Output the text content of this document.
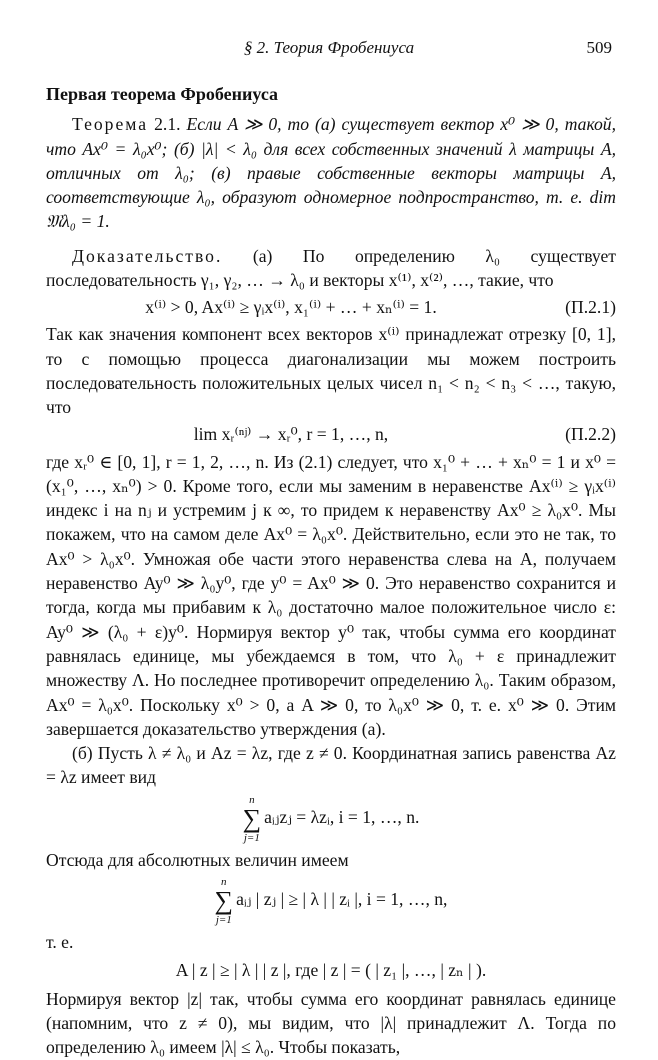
§ 2. Теория Фробениуса	509

Первая теорема Фробениуса

Теорема 2.1. Если A ≫ 0, то (а) существует вектор x⁰ ≫ 0, такой, что Ax⁰ = λ₀x⁰; (б) |λ| < λ₀ для всех собственных значений λ матрицы A, отличных от λ₀; (в) правые собственные векторы матрицы A, соответствующие λ₀, образуют одномерное подпространство, т. е. dim 𝔐λ₀ = 1.

Доказательство. (а) По определению λ₀ существует последовательность γ₁, γ₂, … → λ₀ и векторы x⁽¹⁾, x⁽²⁾, …, такие, что

x⁽ⁱ⁾ > 0, Ax⁽ⁱ⁾ ≥ γᵢx⁽ⁱ⁾, x₁⁽ⁱ⁾ + … + xₙ⁽ⁱ⁾ = 1.	(П.2.1)

Так как значения компонент всех векторов x⁽ⁱ⁾ принадлежат отрезку [0, 1], то с помощью процесса диагонализации мы можем построить последовательность положительных целых чисел n₁ < n₂ < n₃ < …, такую, что

lim xᵣ⁽ⁿʲ⁾ → xᵣ⁰, r = 1, …, n,	(П.2.2)

где xᵣ⁰ ∈ [0, 1], r = 1, 2, …, n. Из (2.1) следует, что x₁⁰ + … + xₙ⁰ = 1 и x⁰ = (x₁⁰, …, xₙ⁰) > 0. Кроме того, если мы заменим в неравенстве Ax⁽ⁱ⁾ ≥ γᵢx⁽ⁱ⁾ индекс i на nⱼ и устремим j к ∞, то придем к неравенству Ax⁰ ≥ λ₀x⁰. Мы покажем, что на самом деле Ax⁰ = λ₀x⁰. Действительно, если это не так, то Ax⁰ > λ₀x⁰. Умножая обе части этого неравенства слева на A, получаем неравенство Ay⁰ ≫ λ₀y⁰, где y⁰ = Ax⁰ ≫ 0. Это неравенство сохранится и тогда, когда мы прибавим к λ₀ достаточно малое положительное число ε: Ay⁰ ≫ (λ₀ + ε)y⁰. Нормируя вектор y⁰ так, чтобы сумма его координат равнялась единице, мы убеждаемся в том, что λ₀ + ε принадлежит множеству Λ. Но последнее противоречит определению λ₀. Таким образом, Ax⁰ = λ₀x⁰. Поскольку x⁰ > 0, а A ≫ 0, то λ₀x⁰ ≫ 0, т. е. x⁰ ≫ 0. Этим завершается доказательство утверждения (а).

(б) Пусть λ ≠ λ₀ и Az = λz, где z ≠ 0. Координатная запись равенства Az = λz имеет вид

n
∑
j=1
aᵢⱼzⱼ = λzᵢ, i = 1, …, n.

Отсюда для абсолютных величин имеем

n
∑
j=1
aᵢⱼ | zⱼ | ≥ | λ | | zᵢ |, i = 1, …, n,

т. е.

A | z | ≥ | λ | | z |, где | z | = ( | z₁ |, …, | zₙ | ).

Нормируя вектор |z| так, чтобы сумма его координат равнялась единице (напомним, что z ≠ 0), мы видим, что |λ| принадлежит Λ. Тогда по определению λ₀ имеем |λ| ≤ λ₀. Чтобы показать,
